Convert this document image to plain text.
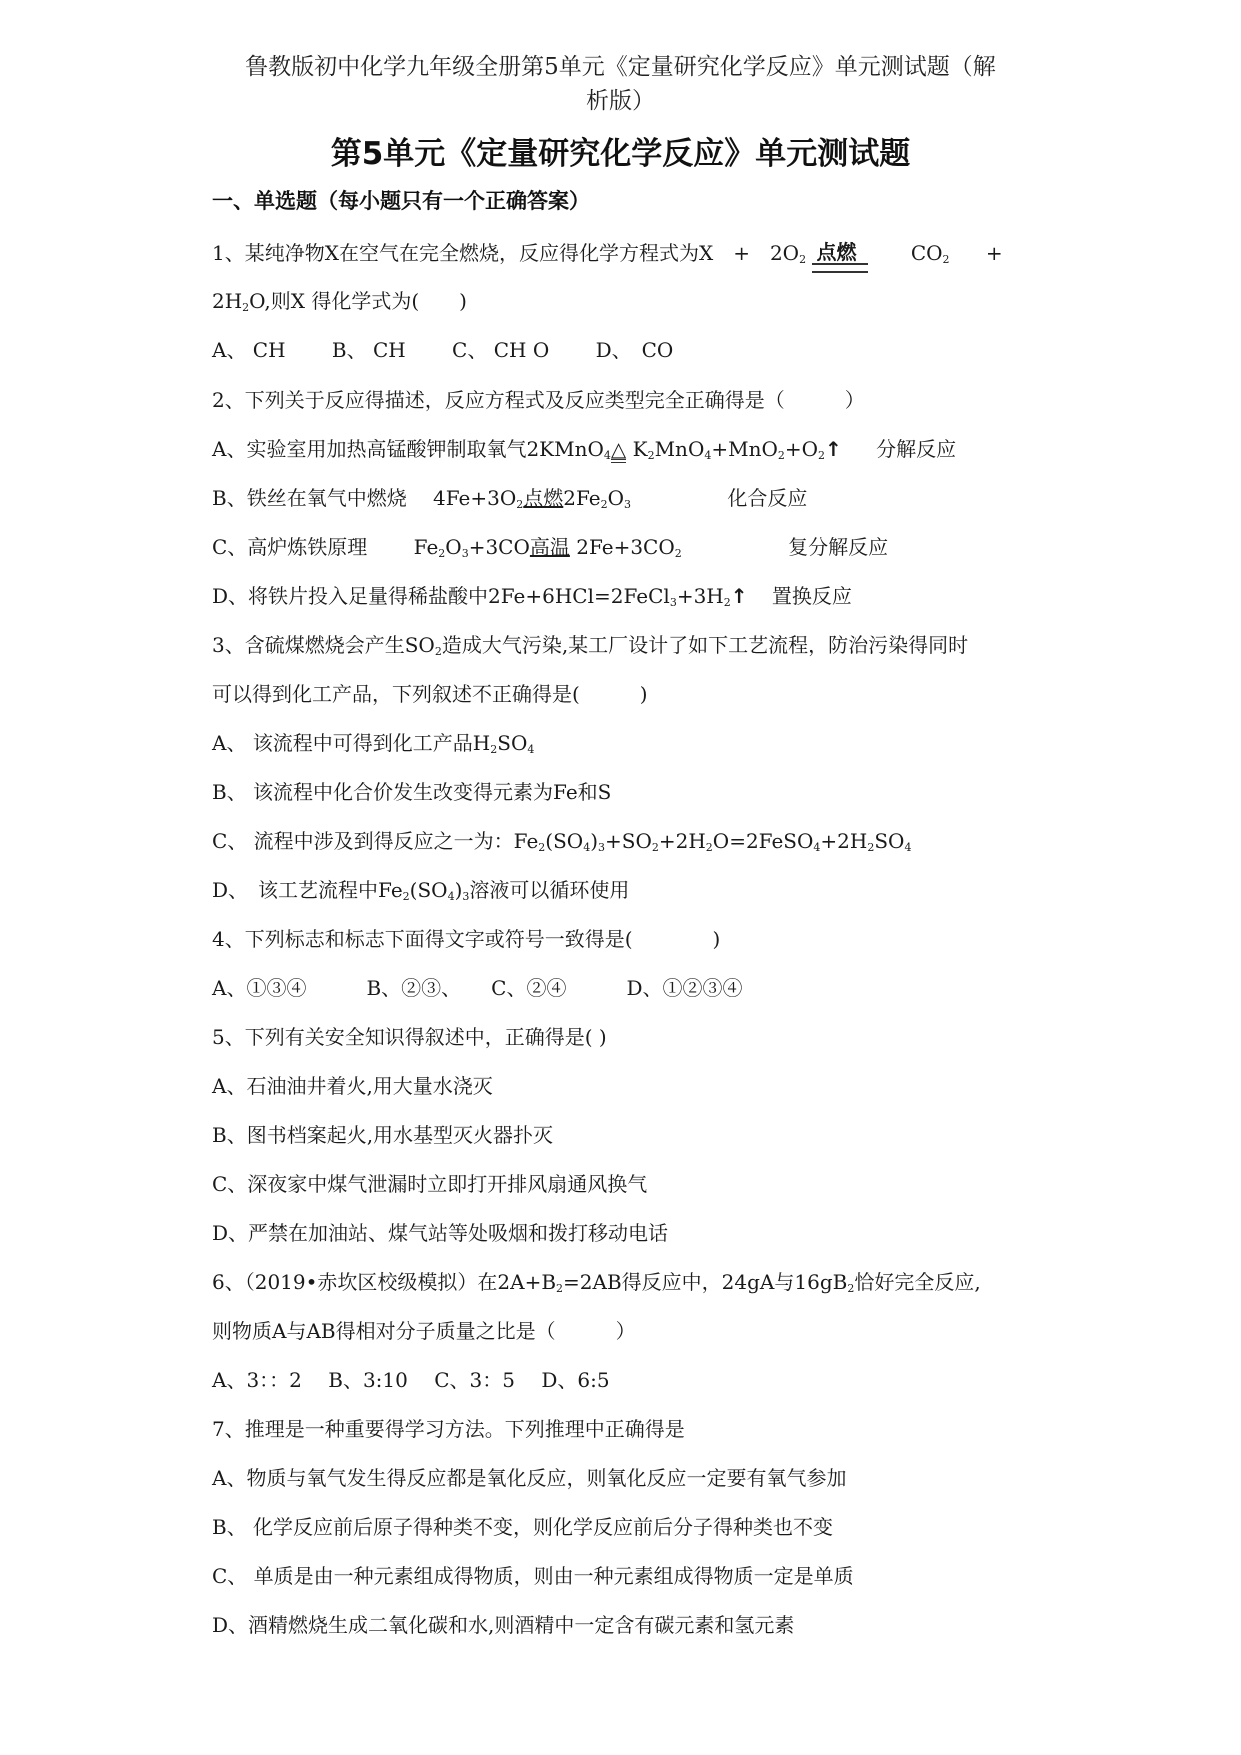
鲁教版初中化学九年级全册第5单元《定量研究化学反应》单元测试题（解
析版）
第5单元《定量研究化学反应》单元测试题
一、单选题（每小题只有一个正确答案）
1、某纯净物X在空气在完全燃烧，反应得化学方程式为X　+　$2O_2$ 点燃	$CO_2$ +
$2H_2O$,则X 得化学式为(　　)
A、 CH　　 B、 CH　　 C、 CH O　　 D、　CO
2、下列关于反应得描述，反应方程式及反应类型完全正确得是（　　　）
A、实验室用加热高锰酸钾制取氧气2KMnO$_4$△ $K_2MnO_4+MnO_2+O_2↑$ 分解反应
B、铁丝在氧气中燃烧　 $4Fe+3O_2$点燃$2Fe_2O_3$	化合反应
C、高炉炼铁原理　　 $Fe_2O_3+3CO$高温 $2Fe+3CO_2$	复分解反应
D、将铁片投入足量得稀盐酸中$2Fe+6HCl=2FeCl_3+3H_2↑$ 置换反应
3、含硫煤燃烧会产生$SO_2$造成大气污染,某工厂设计了如下工艺流程，防治污染得同时
可以得到化工产品，下列叙述不正确得是(　　　)
A、 该流程中可得到化工产品$H_2SO_4$
B、 该流程中化合价发生改变得元素为Fe和S
C、 流程中涉及到得反应之一为：$Fe_2(SO_4)_3+SO_2+2H_2O=2FeSO_4+2H_2SO_4$
D、　该工艺流程中$Fe_2(SO_4)_3$溶液可以循环使用
4、下列标志和标志下面得文字或符号一致得是(　　　　)
A、①③④　　　B、②③、　　C、②④　　　D、①②③④
5、下列有关安全知识得叙述中，正确得是( )
A、石油油井着火,用大量水浇灭
B、图书档案起火,用水基型灭火器扑灭
C、深夜家中煤气泄漏时立即打开排风扇通风换气
D、严禁在加油站、煤气站等处吸烟和拨打移动电话
6、（2019•赤坎区校级模拟）在$2A+B_2=2AB$得反应中，24gA与$16gB_2$恰好完全反应,
则物质A与AB得相对分子质量之比是（　　　）
A、3：：2　 B、3:10　 C、3：5　 D、6:5
7、推理是一种重要得学习方法。下列推理中正确得是
A、物质与氧气发生得反应都是氧化反应，则氧化反应一定要有氧气参加
B、 化学反应前后原子得种类不变，则化学反应前后分子得种类也不变
C、 单质是由一种元素组成得物质，则由一种元素组成得物质一定是单质
D、酒精燃烧生成二氧化碳和水,则酒精中一定含有碳元素和氢元素
